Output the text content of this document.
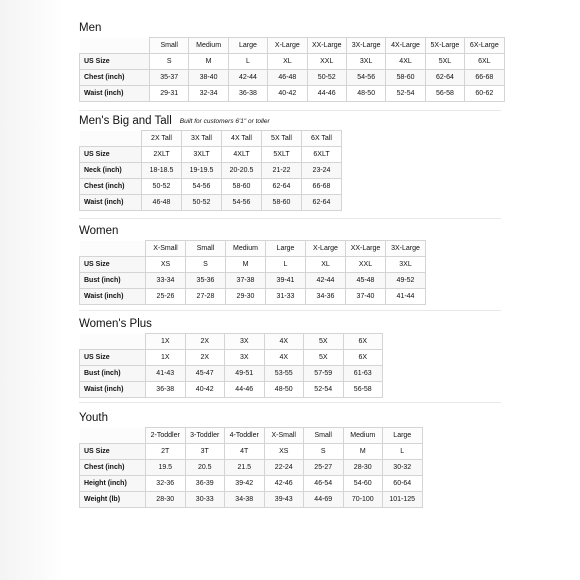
Men
	Small	Medium	Large	X-Large	XX-Large	3X-Large	4X-Large	5X-Large	6X-Large
US Size	S	M	L	XL	XXL	3XL	4XL	5XL	6XL
Chest (inch)	35-37	38-40	42-44	46-48	50-52	54-56	58-60	62-64	66-68
Waist (inch)	29-31	32-34	36-38	40-42	44-46	48-50	52-54	56-58	60-62
Men's Big and Tall Built for customers 6'1" or toller
	2X Tall	3X Tall	4X Tall	5X Tall	6X Tall
US Size	2XLT	3XLT	4XLT	5XLT	6XLT
Neck (inch)	18-18.5	19-19.5	20-20.5	21-22	23-24
Chest (inch)	50-52	54-56	58-60	62-64	66-68
Waist (inch)	46-48	50-52	54-56	58-60	62-64
Women
	X-Small	Small	Medium	Large	X-Large	XX-Large	3X-Large
US Size	XS	S	M	L	XL	XXL	3XL
Bust (inch)	33-34	35-36	37-38	39-41	42-44	45-48	49-52
Waist (inch)	25-26	27-28	29-30	31-33	34-36	37-40	41-44
Women's Plus
	1X	2X	3X	4X	5X	6X
US Size	1X	2X	3X	4X	5X	6X
Bust (inch)	41-43	45-47	49-51	53-55	57-59	61-63
Waist (inch)	36-38	40-42	44-46	48-50	52-54	56-58
Youth
	2-Toddler	3-Toddler	4-Toddler	X-Small	Small	Medium	Large
US Size	2T	3T	4T	XS	S	M	L
Chest (inch)	19.5	20.5	21.5	22-24	25-27	28-30	30-32
Height (inch)	32-36	36-39	39-42	42-46	46-54	54-60	60-64
Weight (lb)	28-30	30-33	34-38	39-43	44-69	70-100	101-125
